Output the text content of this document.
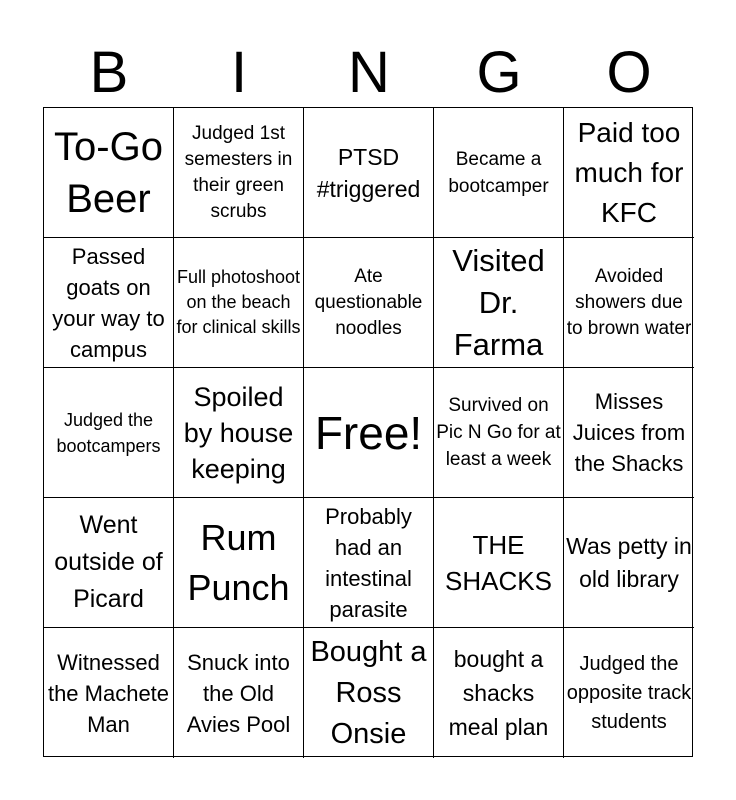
B	I	N	G	O
To-Go Beer
Judged 1st semesters in their green scrubs
PTSD #triggered
Became a bootcamper
Paid too much for KFC
Passed goats on your way to campus
Full photoshoot on the beach for clinical skills
Ate questionable noodles
Visited Dr. Farma
Avoided showers due to brown water
Judged the bootcampers
Spoiled by house keeping
Free!
Survived on Pic N Go for at least a week
Misses Juices from the Shacks
Went outside of Picard
Rum Punch
Probably had an intestinal parasite
THE SHACKS
Was petty in old library
Witnessed the Machete Man
Snuck into the Old Avies Pool
Bought a Ross Onsie
bought a shacks meal plan
Judged the opposite track students
